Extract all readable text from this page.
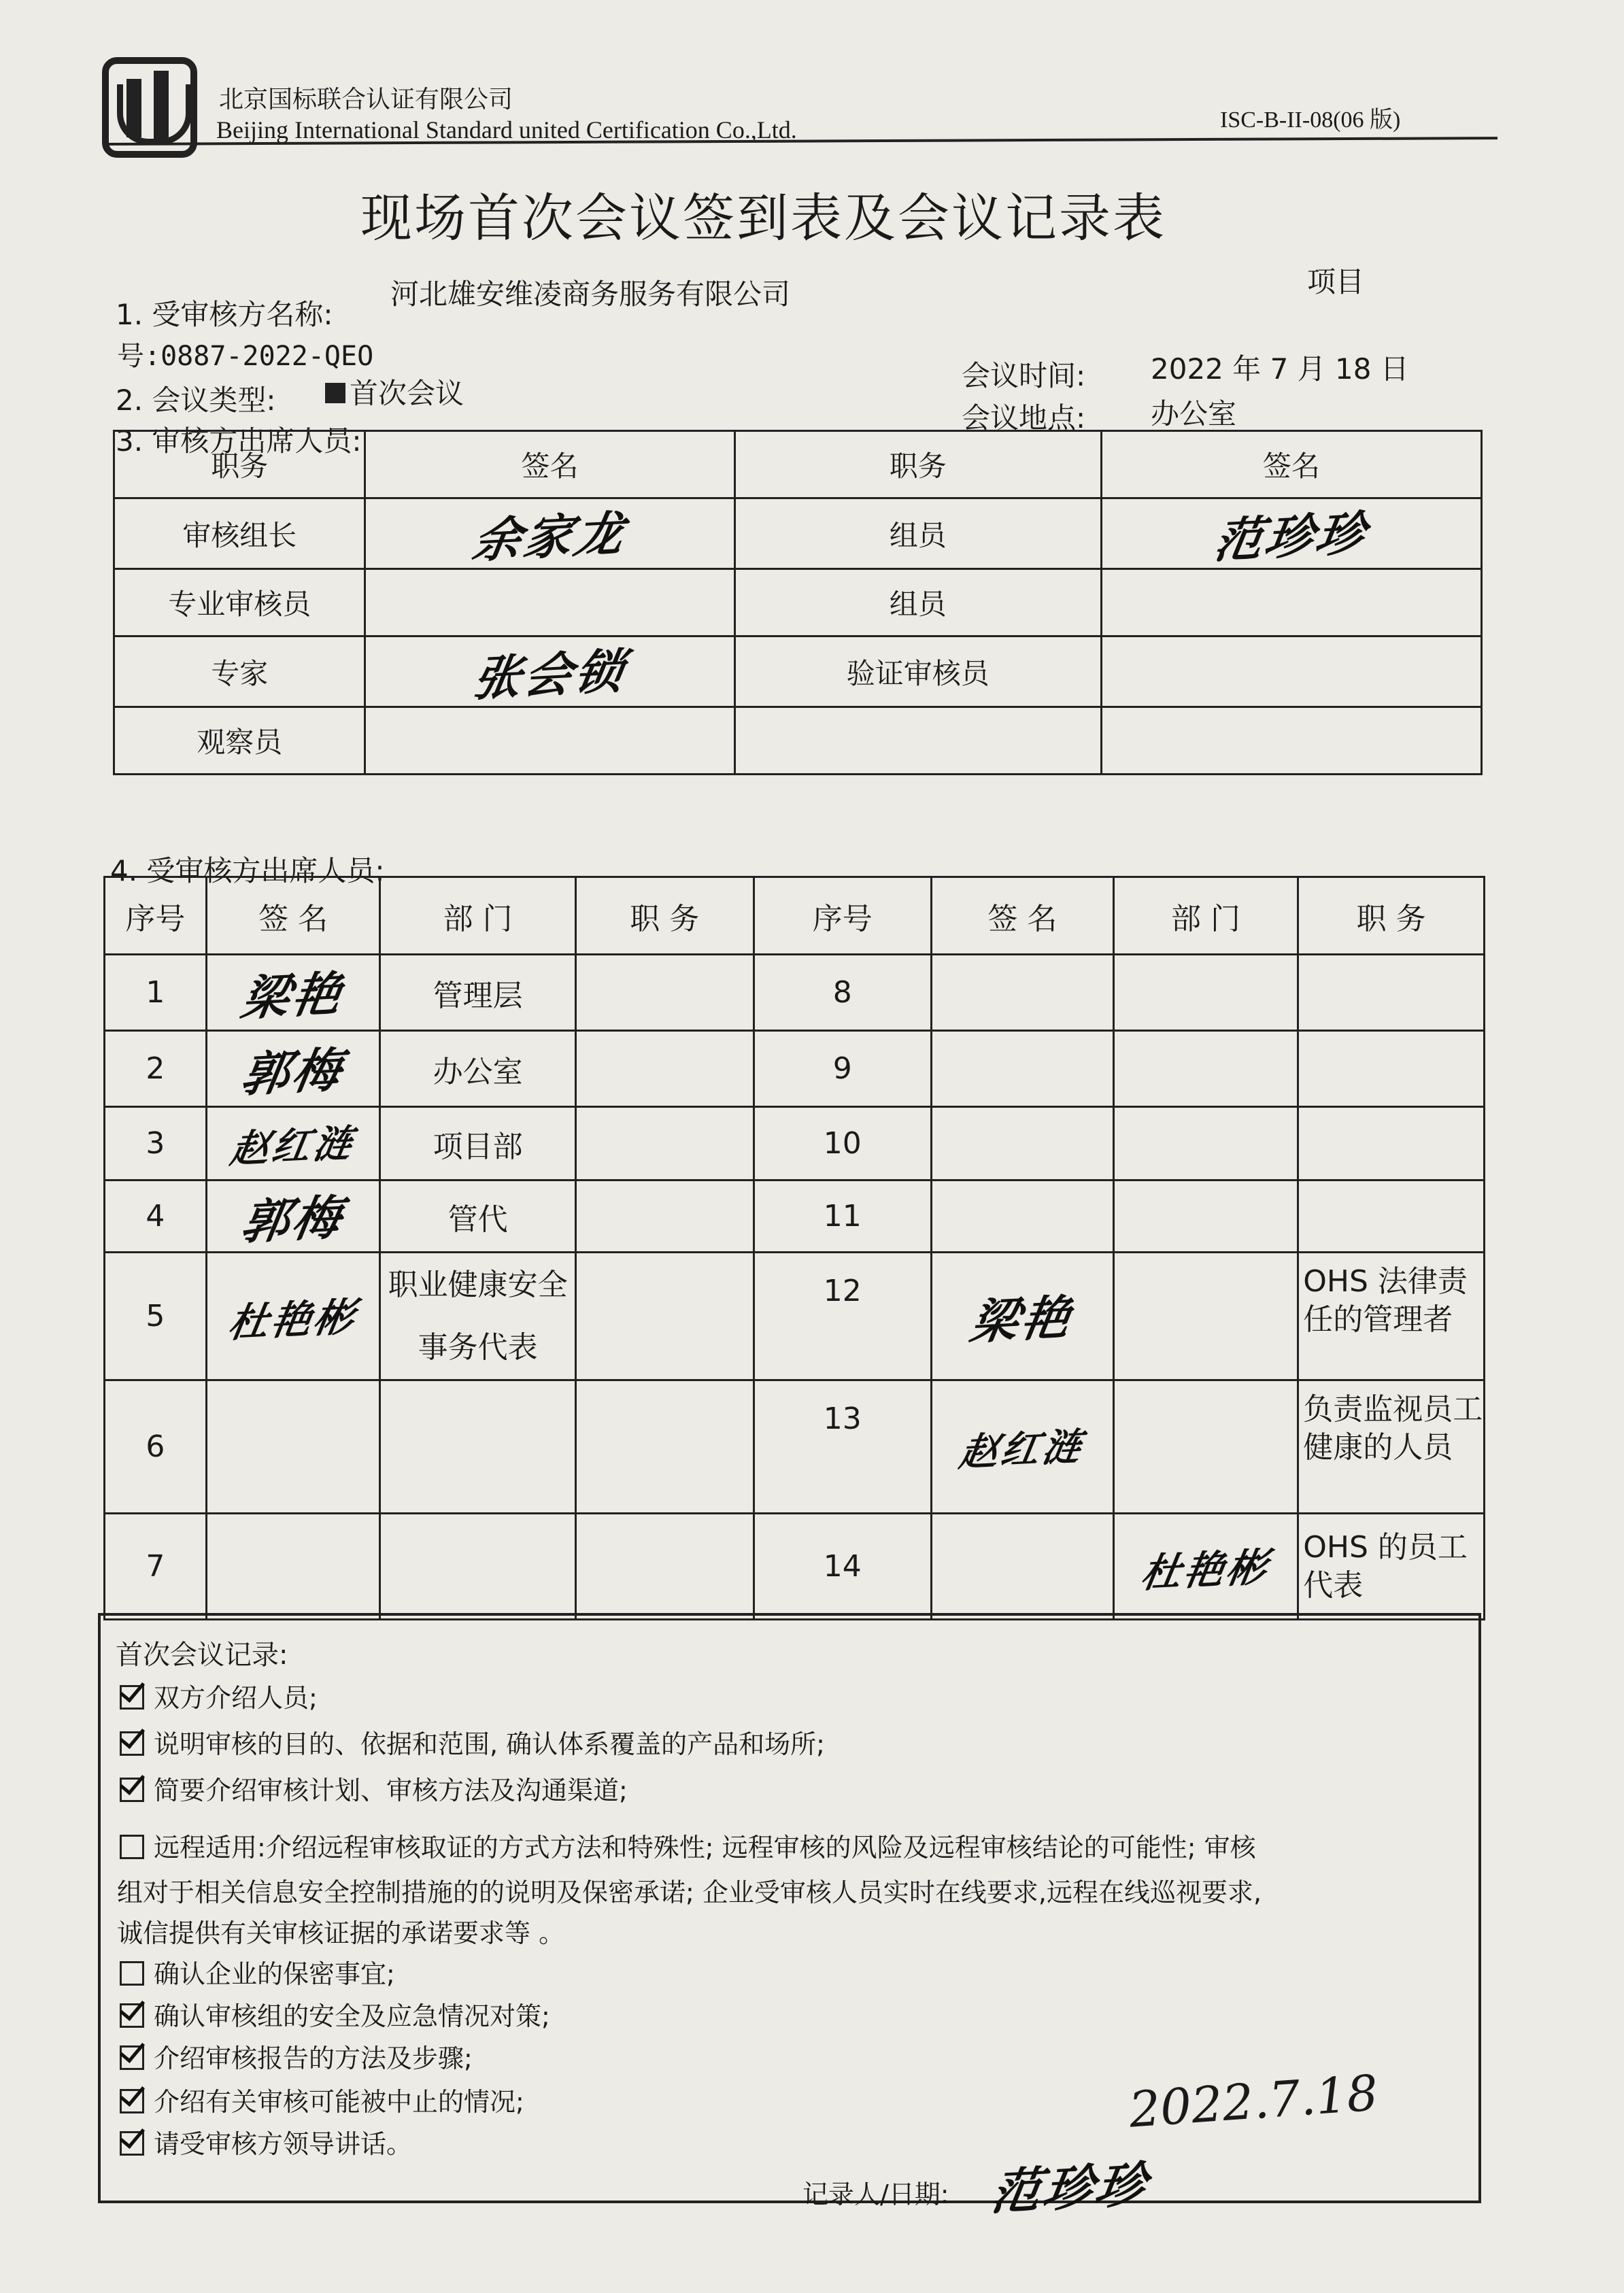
北京国标联合认证有限公司
Beijing International Standard united Certification Co.,Ltd.	ISC-B-II-08(06 版)
现场首次会议签到表及会议记录表
1. 受审核方名称:
河北雄安维凌商务服务有限公司	项目
号:0887-2022-QEO
2. 会议类型:	首次会议
会议时间: 2022 年 7 月 18 日
会议地点: 办公室
3. 审核方出席人员:
职务	签名	职务	签名
审核组长	余家龙	组员	范珍珍
专业审核员		组员	
专家	张会锁	验证审核员	
观察员			
4. 受审核方出席人员:
序号	签 名	部 门	职 务	序号	签 名	部 门	职 务
1	梁艳	管理层		8			
2	郭梅	办公室		9			
3	赵红涟	项目部		10			
4	郭梅	管代		11			
5	杜艳彬	职业健康安全事务代表		12	梁艳		OHS 法律责任的管理者
6				13	赵红涟		负责监视员工健康的人员
7				14		杜艳彬	OHS 的员工代表
首次会议记录:
双方介绍人员;
说明审核的目的、依据和范围, 确认体系覆盖的产品和场所;
简要介绍审核计划、审核方法及沟通渠道;
远程适用:介绍远程审核取证的方式方法和特殊性; 远程审核的风险及远程审核结论的可能性; 审核
组对于相关信息安全控制措施的的说明及保密承诺; 企业受审核人员实时在线要求,远程在线巡视要求,
诚信提供有关审核证据的承诺要求等 。
确认企业的保密事宜;
确认审核组的安全及应急情况对策;
介绍审核报告的方法及步骤;
介绍有关审核可能被中止的情况;
请受审核方领导讲话。
2022.7.18
记录人/日期: 范珍珍
